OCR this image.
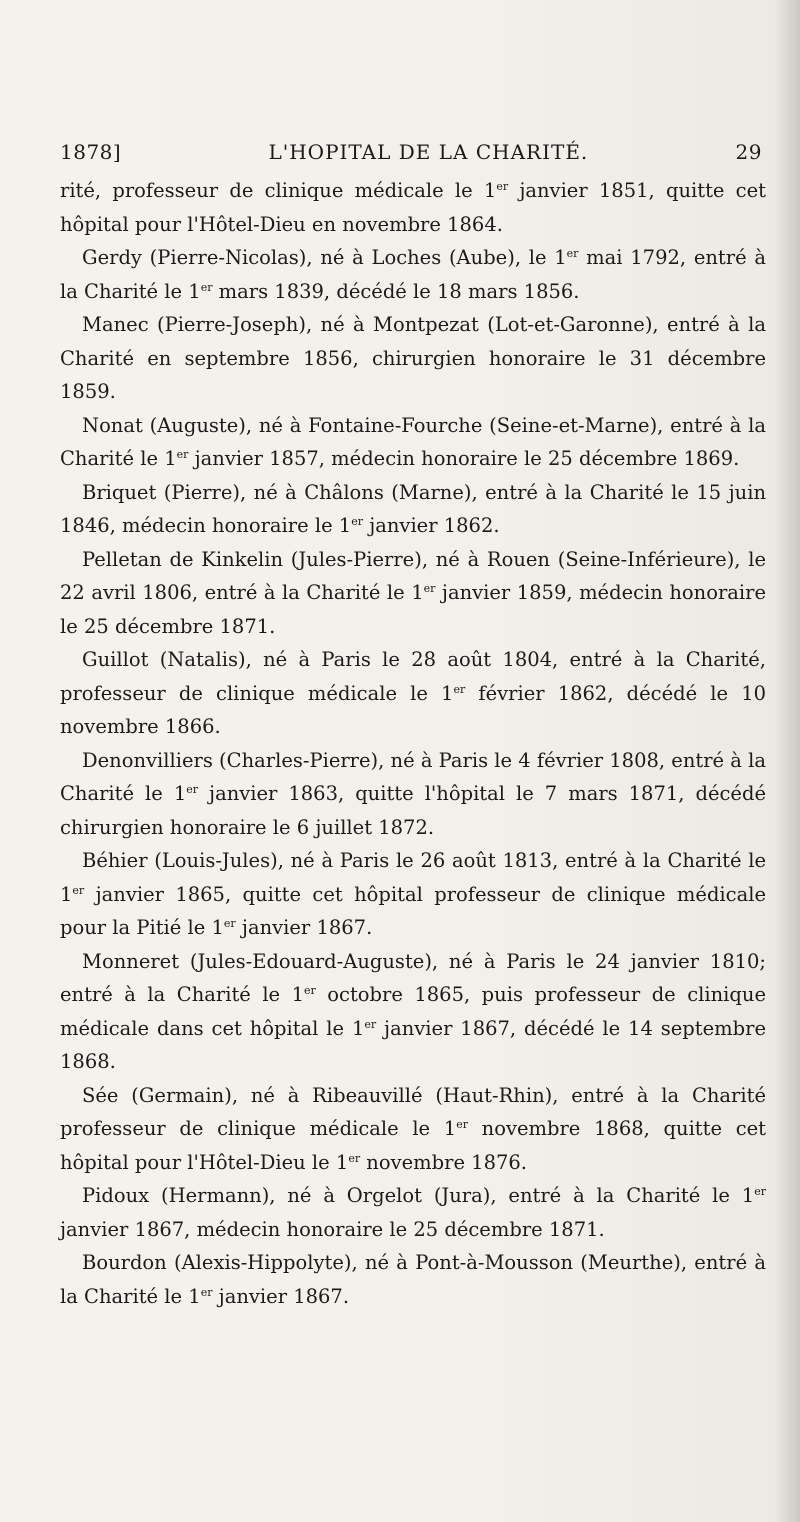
1878]	L'HOPITAL DE LA CHARITÉ.	29

rité, professeur de clinique médicale le 1er janvier 1851, quitte cet hôpital pour l'Hôtel-Dieu en novembre 1864.

Gerdy (Pierre-Nicolas), né à Loches (Aube), le 1er mai 1792, entré à la Charité le 1er mars 1839, décédé le 18 mars 1856.

Manec (Pierre-Joseph), né à Montpezat (Lot-et-Garonne), entré à la Charité en septembre 1856, chirurgien honoraire le 31 décembre 1859.

Nonat (Auguste), né à Fontaine-Fourche (Seine-et-Marne), entré à la Charité le 1er janvier 1857, médecin honoraire le 25 décembre 1869.

Briquet (Pierre), né à Châlons (Marne), entré à la Charité le 15 juin 1846, médecin honoraire le 1er janvier 1862.

Pelletan de Kinkelin (Jules-Pierre), né à Rouen (Seine-Inférieure), le 22 avril 1806, entré à la Charité le 1er janvier 1859, médecin honoraire le 25 décembre 1871.

Guillot (Natalis), né à Paris le 28 août 1804, entré à la Charité, professeur de clinique médicale le 1er février 1862, décédé le 10 novembre 1866.

Denonvilliers (Charles-Pierre), né à Paris le 4 février 1808, entré à la Charité le 1er janvier 1863, quitte l'hôpital le 7 mars 1871, décédé chirurgien honoraire le 6 juillet 1872.

Béhier (Louis-Jules), né à Paris le 26 août 1813, entré à la Charité le 1er janvier 1865, quitte cet hôpital professeur de clinique médicale pour la Pitié le 1er janvier 1867.

Monneret (Jules-Edouard-Auguste), né à Paris le 24 janvier 1810; entré à la Charité le 1er octobre 1865, puis professeur de clinique médicale dans cet hôpital le 1er janvier 1867, décédé le 14 septembre 1868.

Sée (Germain), né à Ribeauvillé (Haut-Rhin), entré à la Charité professeur de clinique médicale le 1er novembre 1868, quitte cet hôpital pour l'Hôtel-Dieu le 1er novembre 1876.

Pidoux (Hermann), né à Orgelot (Jura), entré à la Charité le 1er janvier 1867, médecin honoraire le 25 décembre 1871.

Bourdon (Alexis-Hippolyte), né à Pont-à-Mousson (Meurthe), entré à la Charité le 1er janvier 1867.
